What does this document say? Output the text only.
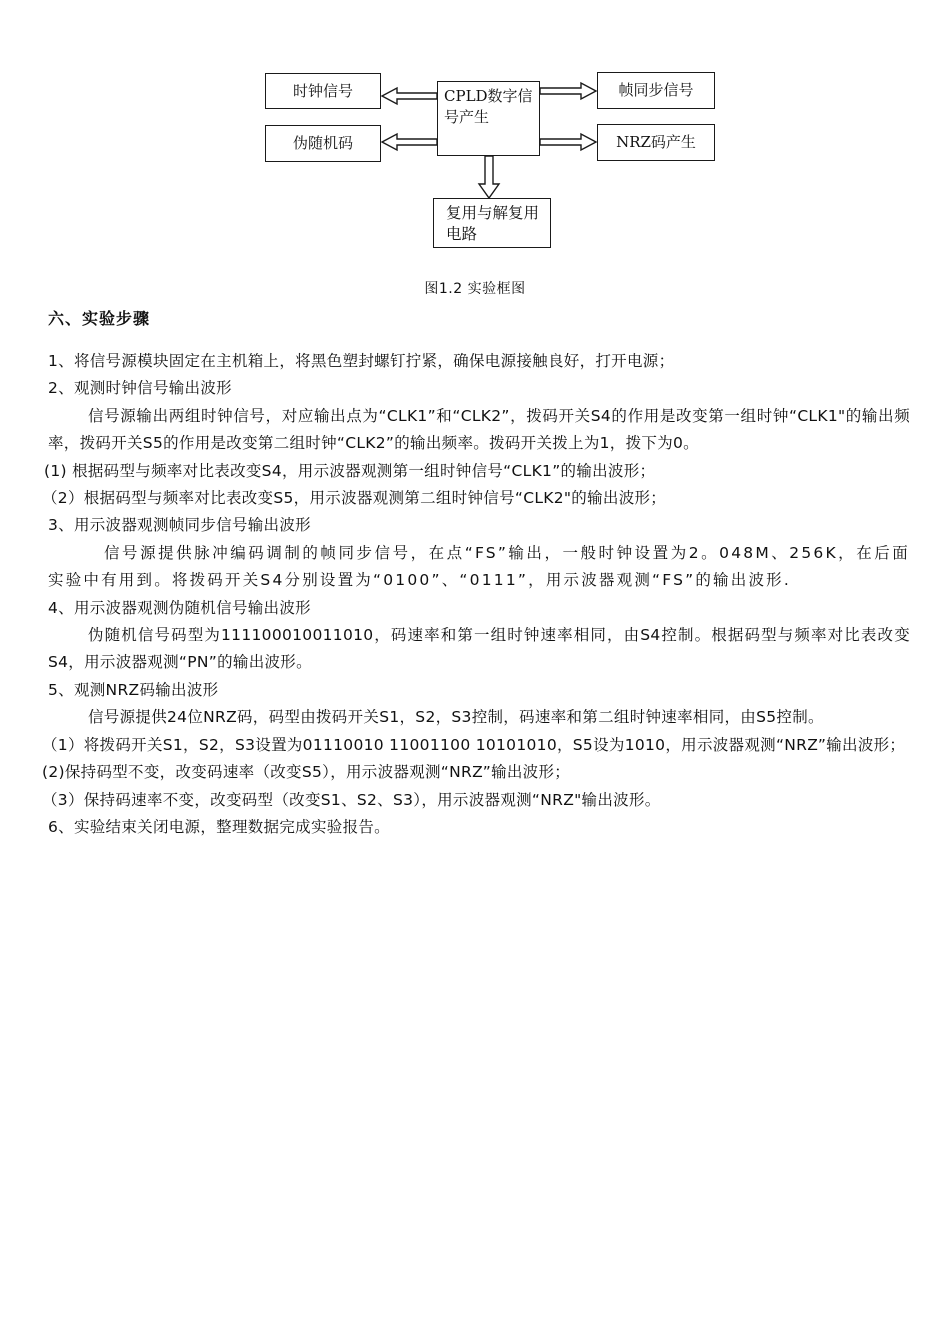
时钟信号
伪随机码
CPLD数字信号产生
帧同步信号
NRZ码产生
复用与解复用电路
图1.2 实验框图
六、实验步骤

1、将信号源模块固定在主机箱上，将黑色塑封螺钉拧紧，确保电源接触良好，打开电源；

2、观测时钟信号输出波形

信号源输出两组时钟信号，对应输出点为“CLK1”和“CLK2”，拨码开关S4的作用是改变第一组时钟“CLK1"的输出频率，拨码开关S5的作用是改变第二组时钟“CLK2”的输出频率。拨码开关拨上为1，拨下为0。

(1) 根据码型与频率对比表改变S4，用示波器观测第一组时钟信号“CLK1”的输出波形；

（2）根据码型与频率对比表改变S5，用示波器观测第二组时钟信号“CLK2"的输出波形；

3、用示波器观测帧同步信号输出波形

信号源提供脉冲编码调制的帧同步信号，在点“FS”输出，一般时钟设置为2。048M、256K，在后面实验中有用到。将拨码开关S4分别设置为“0100”、“0111”，用示波器观测“FS”的输出波形.

4、用示波器观测伪随机信号输出波形

伪随机信号码型为111100010011010，码速率和第一组时钟速率相同，由S4控制。根据码型与频率对比表改变S4，用示波器观测“PN”的输出波形。

5、观测NRZ码输出波形

信号源提供24位NRZ码，码型由拨码开关S1，S2，S3控制，码速率和第二组时钟速率相同，由S5控制。

（1）将拨码开关S1，S2，S3设置为01110010 11001100 10101010，S5设为1010，用示波器观测“NRZ”输出波形；

(2)保持码型不变，改变码速率（改变S5），用示波器观测“NRZ”输出波形；

（3）保持码速率不变，改变码型（改变S1、S2、S3），用示波器观测“NRZ"输出波形。

6、实验结束关闭电源，整理数据完成实验报告。
